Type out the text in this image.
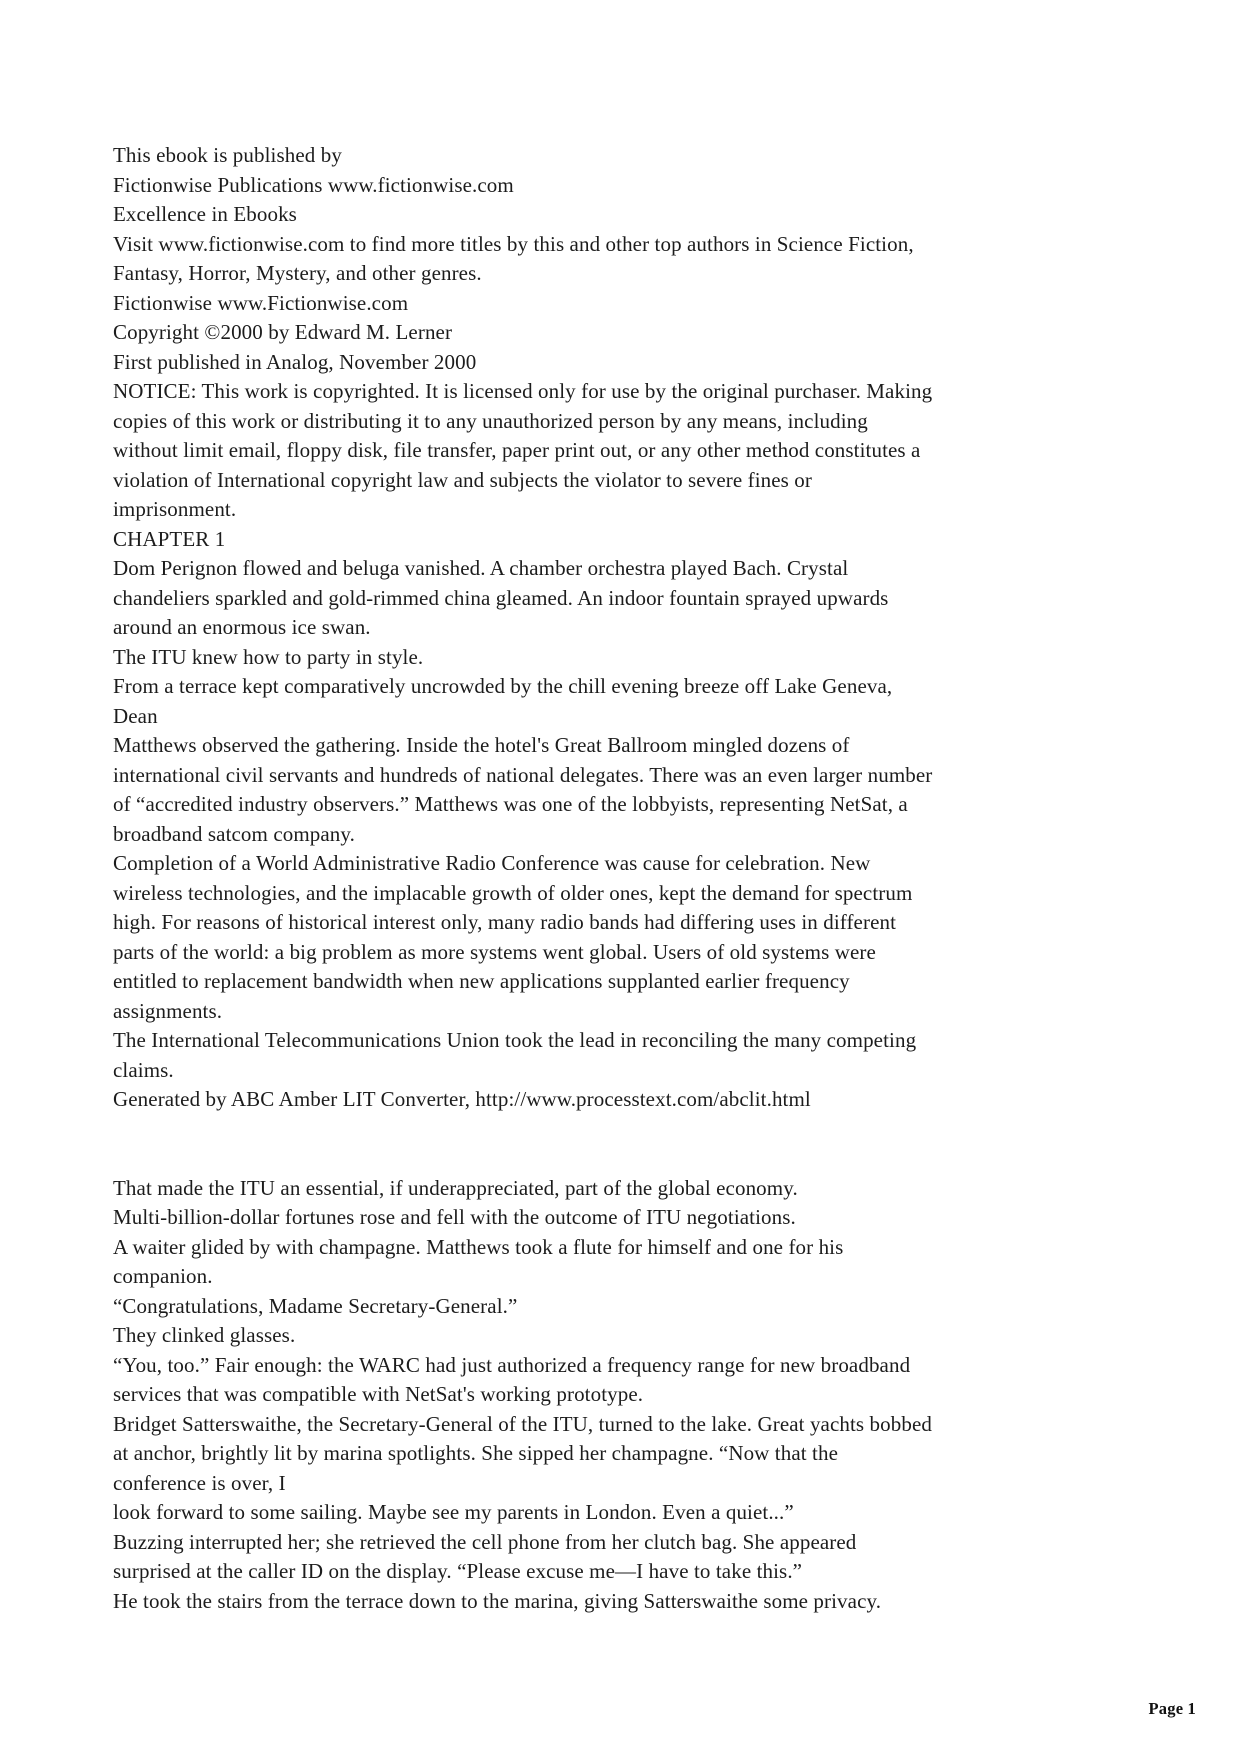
This ebook is published by
Fictionwise Publications www.fictionwise.com
Excellence in Ebooks
Visit www.fictionwise.com to find more titles by this and other top authors in Science Fiction,
Fantasy, Horror, Mystery, and other genres.
Fictionwise www.Fictionwise.com
Copyright ©2000 by Edward M. Lerner
First published in Analog, November 2000
NOTICE: This work is copyrighted. It is licensed only for use by the original purchaser. Making
copies of this work or distributing it to any unauthorized person by any means, including
without limit email, floppy disk, file transfer, paper print out, or any other method constitutes a
violation of International copyright law and subjects the violator to severe fines or
imprisonment.
CHAPTER 1
Dom Perignon flowed and beluga vanished. A chamber orchestra played Bach. Crystal
chandeliers sparkled and gold-rimmed china gleamed. An indoor fountain sprayed upwards
around an enormous ice swan.
The ITU knew how to party in style.
From a terrace kept comparatively uncrowded by the chill evening breeze off Lake Geneva,
Dean
Matthews observed the gathering. Inside the hotel's Great Ballroom mingled dozens of
international civil servants and hundreds of national delegates. There was an even larger number
of “accredited industry observers.” Matthews was one of the lobbyists, representing NetSat, a
broadband satcom company.
Completion of a World Administrative Radio Conference was cause for celebration. New
wireless technologies, and the implacable growth of older ones, kept the demand for spectrum
high. For reasons of historical interest only, many radio bands had differing uses in different
parts of the world: a big problem as more systems went global. Users of old systems were
entitled to replacement bandwidth when new applications supplanted earlier frequency
assignments.
The International Telecommunications Union took the lead in reconciling the many competing
claims.
Generated by ABC Amber LIT Converter, http://www.processtext.com/abclit.html
That made the ITU an essential, if underappreciated, part of the global economy.
Multi-billion-dollar fortunes rose and fell with the outcome of ITU negotiations.
A waiter glided by with champagne. Matthews took a flute for himself and one for his
companion.
“Congratulations, Madame Secretary-General.”
They clinked glasses.
“You, too.” Fair enough: the WARC had just authorized a frequency range for new broadband
services that was compatible with NetSat's working prototype.
Bridget Satterswaithe, the Secretary-General of the ITU, turned to the lake. Great yachts bobbed
at anchor, brightly lit by marina spotlights. She sipped her champagne. “Now that the
conference is over, I
look forward to some sailing. Maybe see my parents in London. Even a quiet...”
Buzzing interrupted her; she retrieved the cell phone from her clutch bag. She appeared
surprised at the caller ID on the display. “Please excuse me—I have to take this.”
He took the stairs from the terrace down to the marina, giving Satterswaithe some privacy.
Page 1
